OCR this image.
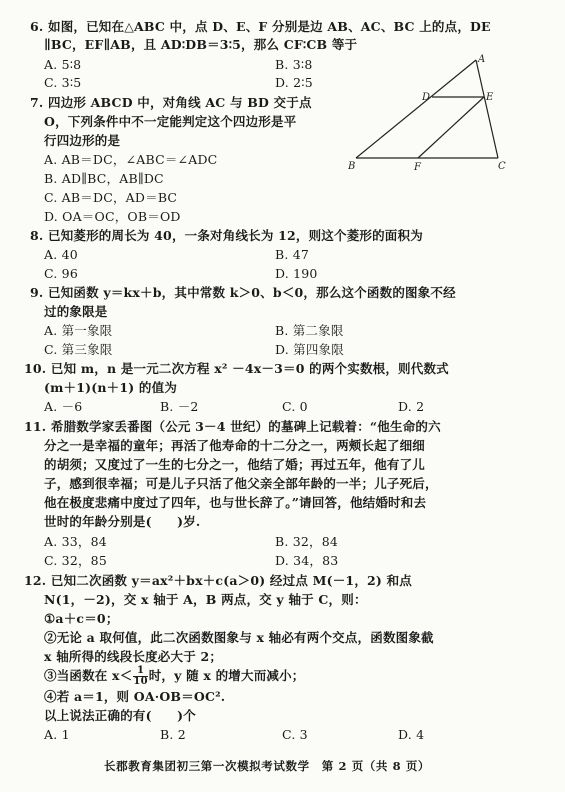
6. 如图，已知在△ABC 中，点 D、E、F 分别是边 AB、AC、BC 上的点，DE
∥BC，EF∥AB，且 AD∶DB＝3∶5，那么 CF∶CB 等于
A. 5∶8	B. 3∶8
C. 3∶5	D. 2∶5
A
D	E
B	F	C
7. 四边形 ABCD 中，对角线 AC 与 BD 交于点
O，下列条件中不一定能判定这个四边形是平
行四边形的是
A. AB＝DC，∠ABC＝∠ADC
B. AD∥BC，AB∥DC
C. AB＝DC，AD＝BC
D. OA＝OC，OB＝OD
8. 已知菱形的周长为 40，一条对角线长为 12，则这个菱形的面积为
A. 40	B. 47
C. 96	D. 190
9. 已知函数 y＝kx＋b，其中常数 k＞0、b＜0，那么这个函数的图象不经
过的象限是
A. 第一象限	B. 第二象限
C. 第三象限	D. 第四象限
10. 已知 m，n 是一元二次方程 x² －4x－3＝0 的两个实数根，则代数式
(m＋1)(n＋1) 的值为
A. －6	B. －2	C. 0	D. 2
11. 希腊数学家丢番图（公元 3－4 世纪）的墓碑上记载着：“他生命的六
分之一是幸福的童年；再活了他寿命的十二分之一，两颊长起了细细
的胡须；又度过了一生的七分之一，他结了婚；再过五年，他有了儿
子，感到很幸福；可是儿子只活了他父亲全部年龄的一半；儿子死后，
他在极度悲痛中度过了四年，也与世长辞了。”请回答，他结婚时和去
世时的年龄分别是(　　)岁.
A. 33，84	B. 32，84
C. 32，85	D. 34，83
12. 已知二次函数 y＝ax²＋bx＋c(a＞0) 经过点 M(－1，2) 和点
N(1，－2)，交 x 轴于 A，B 两点，交 y 轴于 C，则：
①a＋c＝0；
②无论 a 取何值，此二次函数图象与 x 轴必有两个交点，函数图象截
x 轴所得的线段长度必大于 2；
③当函数在 $x< \frac{1}{10}$ 时，y 随 x 的增大而减小；
④若 a＝1，则 OA·OB＝OC².
以上说法正确的有(　　)个
A. 1	B. 2	C. 3	D. 4
长郡教育集团初三第一次模拟考试数学　第 2 页（共 8 页）
